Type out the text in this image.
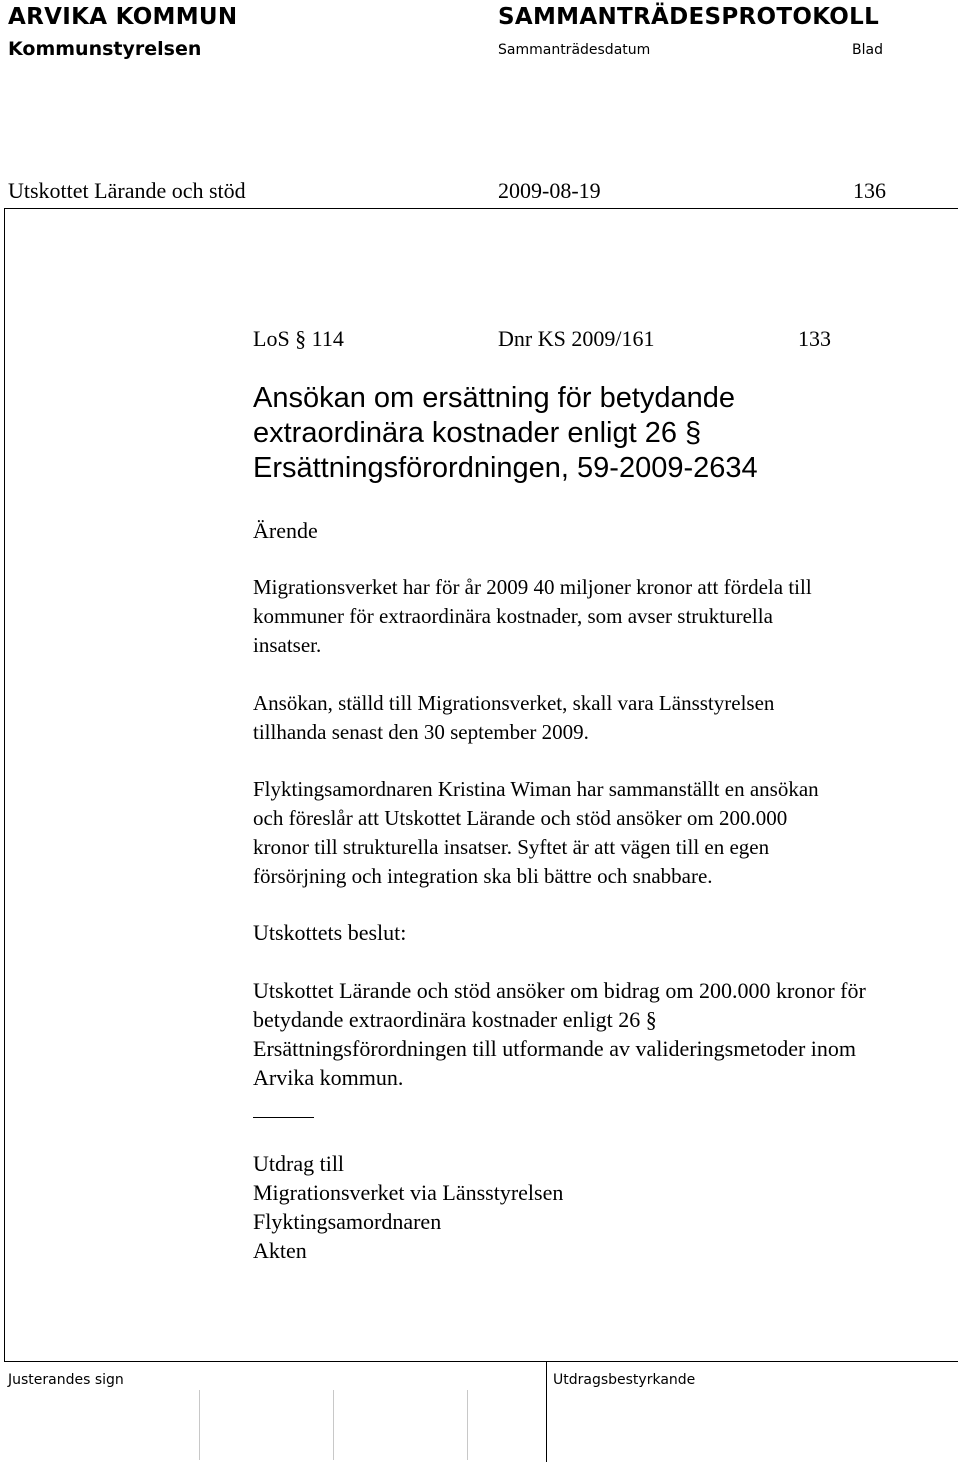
ARVIKA KOMMUN
Kommunstyrelsen
SAMMANTRÄDESPROTOKOLL
Sammanträdesdatum	Blad
Utskottet Lärande och stöd	2009-08-19	136
Justerandes sign	Utdragsbestyrkande
LoS § 114	Dnr KS 2009/161	133
Ansökan om ersättning för betydande
extraordinära kostnader enligt 26 §
Ersättningsförordningen, 59-2009-2634
Ärende

Migrationsverket har för år 2009 40 miljoner kronor att fördela till
kommuner för extraordinära kostnader, som avser strukturella
insatser.

Ansökan, ställd till Migrationsverket, skall vara Länsstyrelsen
tillhanda senast den 30 september 2009.

Flyktingsamordnaren Kristina Wiman har sammanställt en ansökan
och föreslår att Utskottet Lärande och stöd ansöker om 200.000
kronor till strukturella insatser. Syftet är att vägen till en egen
försörjning och integration ska bli bättre och snabbare.

Utskottets beslut:

Utskottet Lärande och stöd ansöker om bidrag om 200.000 kronor för
betydande extraordinära kostnader enligt 26 §
Ersättningsförordningen till utformande av valideringsmetoder inom
Arvika kommun.

Utdrag till
Migrationsverket via Länsstyrelsen
Flyktingsamordnaren
Akten
